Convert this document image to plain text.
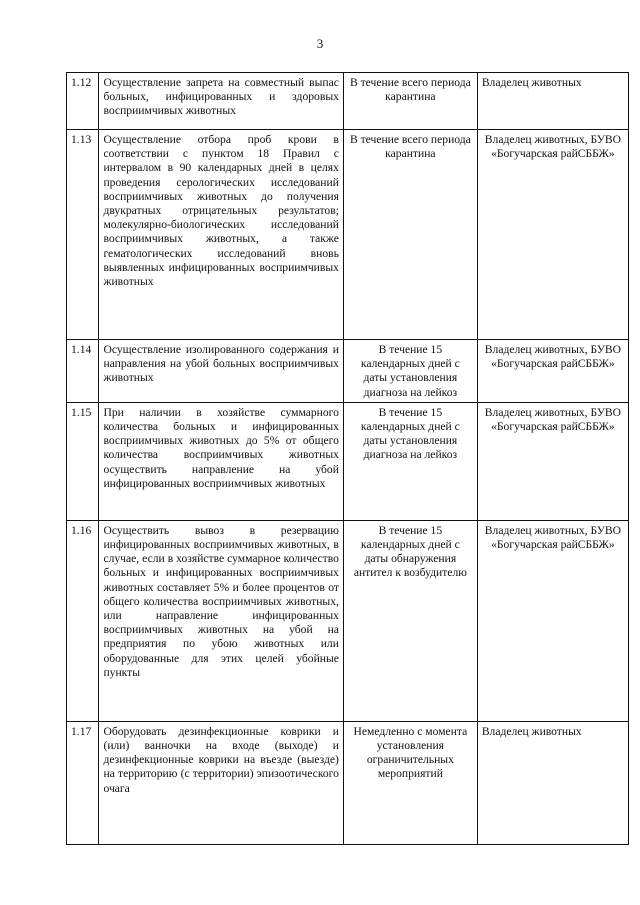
3
1.12	Осуществление запрета на совместный выпас больных, инфицированных и здоровых восприимчивых животных	В течение всего периода карантина	Владелец животных
1.13	Осуществление отбора проб крови в соответствии с пунктом 18 Правил с интервалом в 90 календарных дней в целях проведения серологических исследований восприимчивых животных до получения двукратных отрицательных результатов; молекулярно-биологических исследований восприимчивых животных, а также гематологических исследований вновь выявленных инфицированных восприимчивых животных	В течение всего периода карантина	Владелец животных, БУВО «Богучарская райСББЖ»
1.14	Осуществление изолированного содержания и направления на убой больных восприимчивых животных	В течение 15 календарных дней с даты установления диагноза на лейкоз	Владелец животных, БУВО «Богучарская райСББЖ»
1.15	При наличии в хозяйстве суммарного количества больных и инфицированных восприимчивых животных до 5% от общего количества восприимчивых животных осуществить направление на убой инфицированных восприимчивых животных	В течение 15 календарных дней с даты установления диагноза на лейкоз	Владелец животных, БУВО «Богучарская райСББЖ»
1.16	Осуществить вывоз в резервацию инфицированных восприимчивых животных, в случае, если в хозяйстве суммарное количество больных и инфицированных восприимчивых животных составляет 5% и более процентов от общего количества восприимчивых животных, или направление инфицированных восприимчивых животных на убой на предприятия по убою животных или оборудованные для этих целей убойные пункты	В течение 15 календарных дней с даты обнаружения антител к возбудителю	Владелец животных, БУВО «Богучарская райСББЖ»
1.17	Оборудовать дезинфекционные коврики и (или) ванночки на входе (выходе) и дезинфекционные коврики на въезде (выезде) на территорию (с территории) эпизоотического очага	Немедленно с момента установления ограничительных мероприятий	Владелец животных
